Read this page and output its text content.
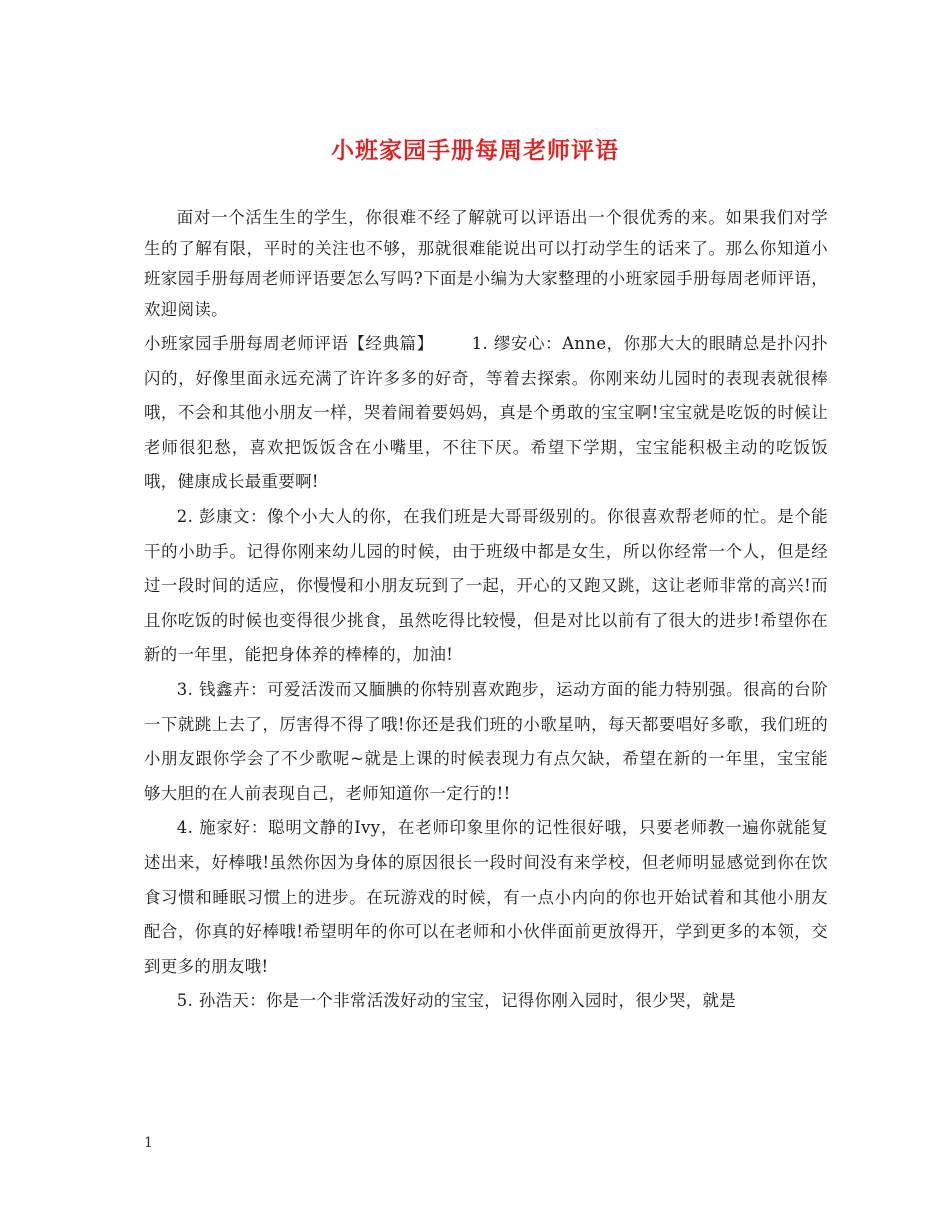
小班家园手册每周老师评语

面对一个活生生的学生，你很难不经了解就可以评语出一个很优秀的来。如果我们对学生的了解有限，平时的关注也不够，那就很难能说出可以打动学生的话来了。那么你知道小班家园手册每周老师评语要怎么写吗?下面是小编为大家整理的小班家园手册每周老师评语，欢迎阅读。

小班家园手册每周老师评语【经典篇】 1. 缪安心：Anne，你那大大的眼睛总是扑闪扑闪的，好像里面永远充满了许许多多的好奇，等着去探索。你刚来幼儿园时的表现表就很棒哦，不会和其他小朋友一样，哭着闹着要妈妈，真是个勇敢的宝宝啊!宝宝就是吃饭的时候让老师很犯愁，喜欢把饭饭含在小嘴里，不往下厌。希望下学期，宝宝能积极主动的吃饭饭哦，健康成长最重要啊!

2. 彭康文：像个小大人的你，在我们班是大哥哥级别的。你很喜欢帮老师的忙。是个能干的小助手。记得你刚来幼儿园的时候，由于班级中都是女生，所以你经常一个人，但是经过一段时间的适应，你慢慢和小朋友玩到了一起，开心的又跑又跳，这让老师非常的高兴!而且你吃饭的时候也变得很少挑食，虽然吃得比较慢，但是对比以前有了很大的进步!希望你在新的一年里，能把身体养的棒棒的，加油!

3. 钱鑫卉：可爱活泼而又腼腆的你特别喜欢跑步，运动方面的能力特别强。很高的台阶一下就跳上去了，厉害得不得了哦!你还是我们班的小歌星呐，每天都要唱好多歌，我们班的小朋友跟你学会了不少歌呢~就是上课的时候表现力有点欠缺，希望在新的一年里，宝宝能够大胆的在人前表现自己，老师知道你一定行的!!

4. 施家好：聪明文静的Ivy，在老师印象里你的记性很好哦，只要老师教一遍你就能复述出来，好棒哦!虽然你因为身体的原因很长一段时间没有来学校，但老师明显感觉到你在饮食习惯和睡眠习惯上的进步。在玩游戏的时候，有一点小内向的你也开始试着和其他小朋友配合，你真的好棒哦!希望明年的你可以在老师和小伙伴面前更放得开，学到更多的本领，交到更多的朋友哦!

5. 孙浩天：你是一个非常活泼好动的宝宝，记得你刚入园时，很少哭，就是

1
